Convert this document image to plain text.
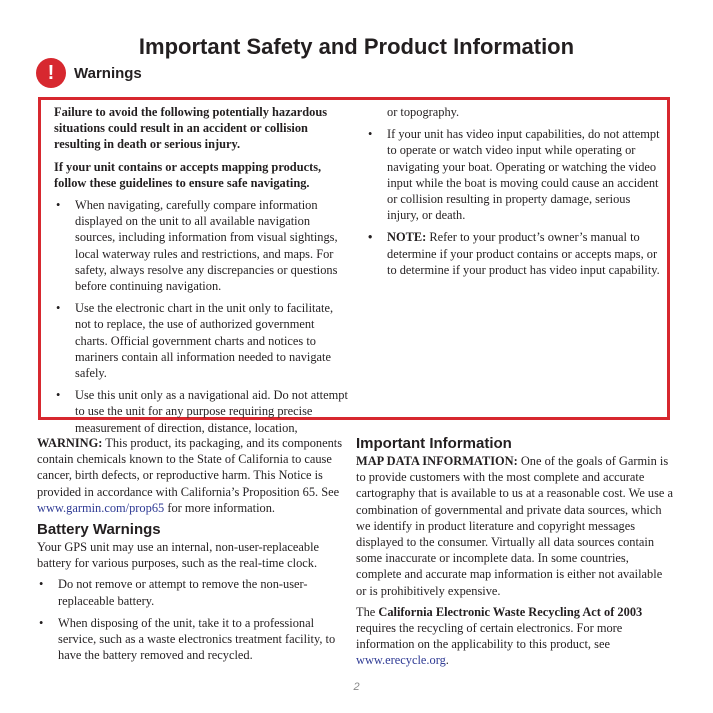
Important Safety and Product Information
! Warnings

Failure to avoid the following potentially hazardous situations could result in an accident or collision resulting in death or serious injury.

If your unit contains or accepts mapping products, follow these guidelines to ensure safe navigating.

• When navigating, carefully compare information displayed on the unit to all available navigation sources, including information from visual sightings, local waterway rules and restrictions, and maps. For safety, always resolve any discrepancies or questions before continuing navigation.
• Use the electronic chart in the unit only to facilitate, not to replace, the use of authorized government charts. Official government charts and notices to mariners contain all information needed to navigate safely.
• Use this unit only as a navigational aid. Do not attempt to use the unit for any purpose requiring precise measurement of direction, distance, location,

or topography.

• If your unit has video input capabilities, do not attempt to operate or watch video input while operating or navigating your boat. Operating or watching the video input while the boat is moving could cause an accident or collision resulting in property damage, serious injury, or death.
• NOTE: Refer to your product’s owner’s manual to determine if your product contains or accepts maps, or to determine if your product has video input capability.

WARNING: This product, its packaging, and its components contain chemicals known to the State of California to cause cancer, birth defects, or reproductive harm. This Notice is provided in accordance with California’s Proposition 65. See www.garmin.com/prop65 for more information.

Battery Warnings

Your GPS unit may use an internal, non-user-replaceable battery for various purposes, such as the real-time clock.

• Do not remove or attempt to remove the non-user-replaceable battery.
• When disposing of the unit, take it to a professional service, such as a waste electronics treatment facility, to have the battery removed and recycled.
Important Information

MAP DATA INFORMATION: One of the goals of Garmin is to provide customers with the most complete and accurate cartography that is available to us at a reasonable cost. We use a combination of governmental and private data sources, which we identify in product literature and copyright messages displayed to the consumer. Virtually all data sources contain some inaccurate or incomplete data. In some countries, complete and accurate map information is either not available or is prohibitively expensive.

The California Electronic Waste Recycling Act of 2003 requires the recycling of certain electronics. For more information on the applicability to this product, see www.erecycle.org.

2
